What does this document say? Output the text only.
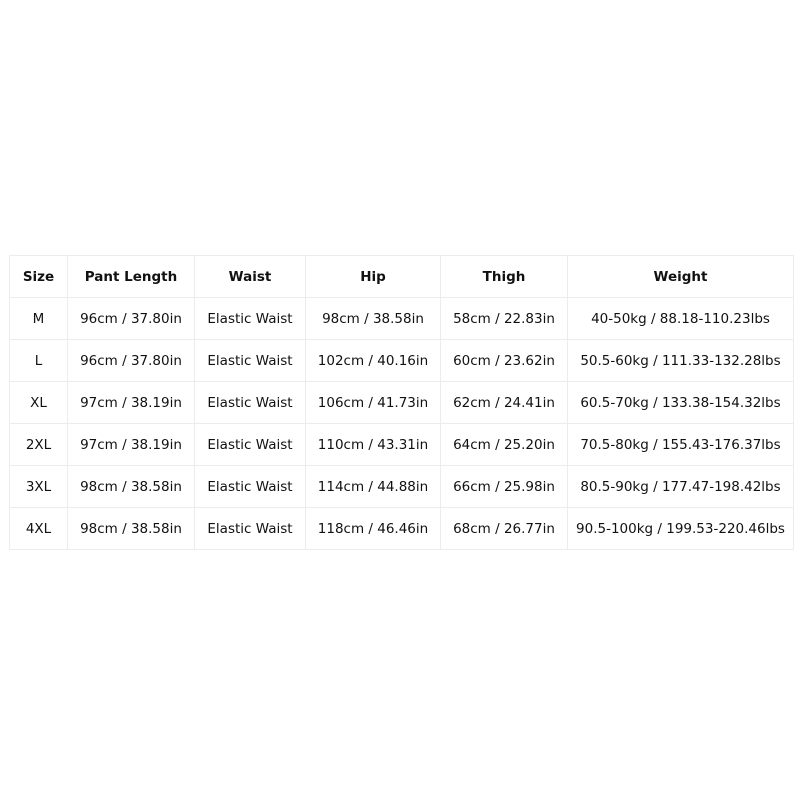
Size	Pant Length	Waist	Hip	Thigh	Weight
M	96cm / 37.80in	Elastic Waist	98cm / 38.58in	58cm / 22.83in	40-50kg / 88.18-110.23lbs
L	96cm / 37.80in	Elastic Waist	102cm / 40.16in	60cm / 23.62in	50.5-60kg / 111.33-132.28lbs
XL	97cm / 38.19in	Elastic Waist	106cm / 41.73in	62cm / 24.41in	60.5-70kg / 133.38-154.32lbs
2XL	97cm / 38.19in	Elastic Waist	110cm / 43.31in	64cm / 25.20in	70.5-80kg / 155.43-176.37lbs
3XL	98cm / 38.58in	Elastic Waist	114cm / 44.88in	66cm / 25.98in	80.5-90kg / 177.47-198.42lbs
4XL	98cm / 38.58in	Elastic Waist	118cm / 46.46in	68cm / 26.77in	90.5-100kg / 199.53-220.46lbs
